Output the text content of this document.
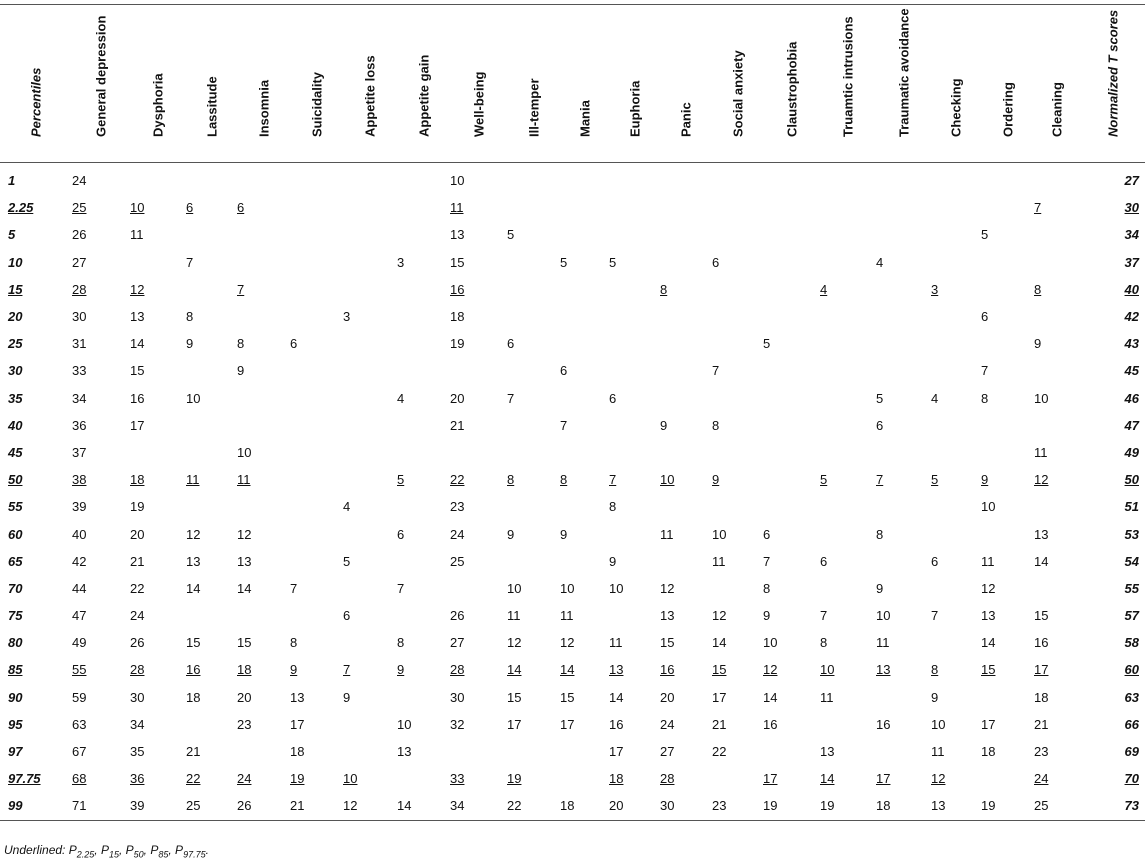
Percentiles	General depression	Dysphoria	Lassitude	Insomnia	Suicidality	Appetite loss	Appetite gain	Well-being	Ill-temper	Mania	Euphoria	Panic	Social anxiety	Claustrophobia	Truamtic intrusions	Traumatic avoidance	Checking	Ordering	Cleaning	Normalized T scores

1	24							10												27
2.25	25	10	6	6				11											7	30
5	26	11						13	5									5		34
10	27		7				3	15		5	5		6			4				37
15	28	12		7				16				8			4		3		8	40
20	30	13	8			3		18										6		42
25	31	14	9	8	6			19	6					5					9	43
30	33	15		9						6			7					7		45
35	34	16	10				4	20	7		6					5	4	8	10	46
40	36	17						21		7		9	8			6				47
45	37			10															11	49
50	38	18	11	11			5	22	8	8	7	10	9		5	7	5	9	12	50
55	39	19				4		23			8							10		51
60	40	20	12	12			6	24	9	9		11	10	6		8			13	53
65	42	21	13	13		5		25			9		11	7	6		6	11	14	54
70	44	22	14	14	7		7		10	10	10	12		8		9		12		55
75	47	24				6		26	11	11		13	12	9	7	10	7	13	15	57
80	49	26	15	15	8		8	27	12	12	11	15	14	10	8	11		14	16	58
85	55	28	16	18	9	7	9	28	14	14	13	16	15	12	10	13	8	15	17	60
90	59	30	18	20	13	9		30	15	15	14	20	17	14	11		9		18	63
95	63	34		23	17		10	32	17	17	16	24	21	16		16	10	17	21	66
97	67	35	21		18		13				17	27	22		13		11	18	23	69
97.75	68	36	22	24	19	10		33	19		18	28		17	14	17	12		24	70
99	71	39	25	26	21	12	14	34	22	18	20	30	23	19	19	18	13	19	25	73
Underlined: $P_{2.25}$, $P_{15}$, $P_{50}$, $P_{85}$, $P_{97.75}$.
